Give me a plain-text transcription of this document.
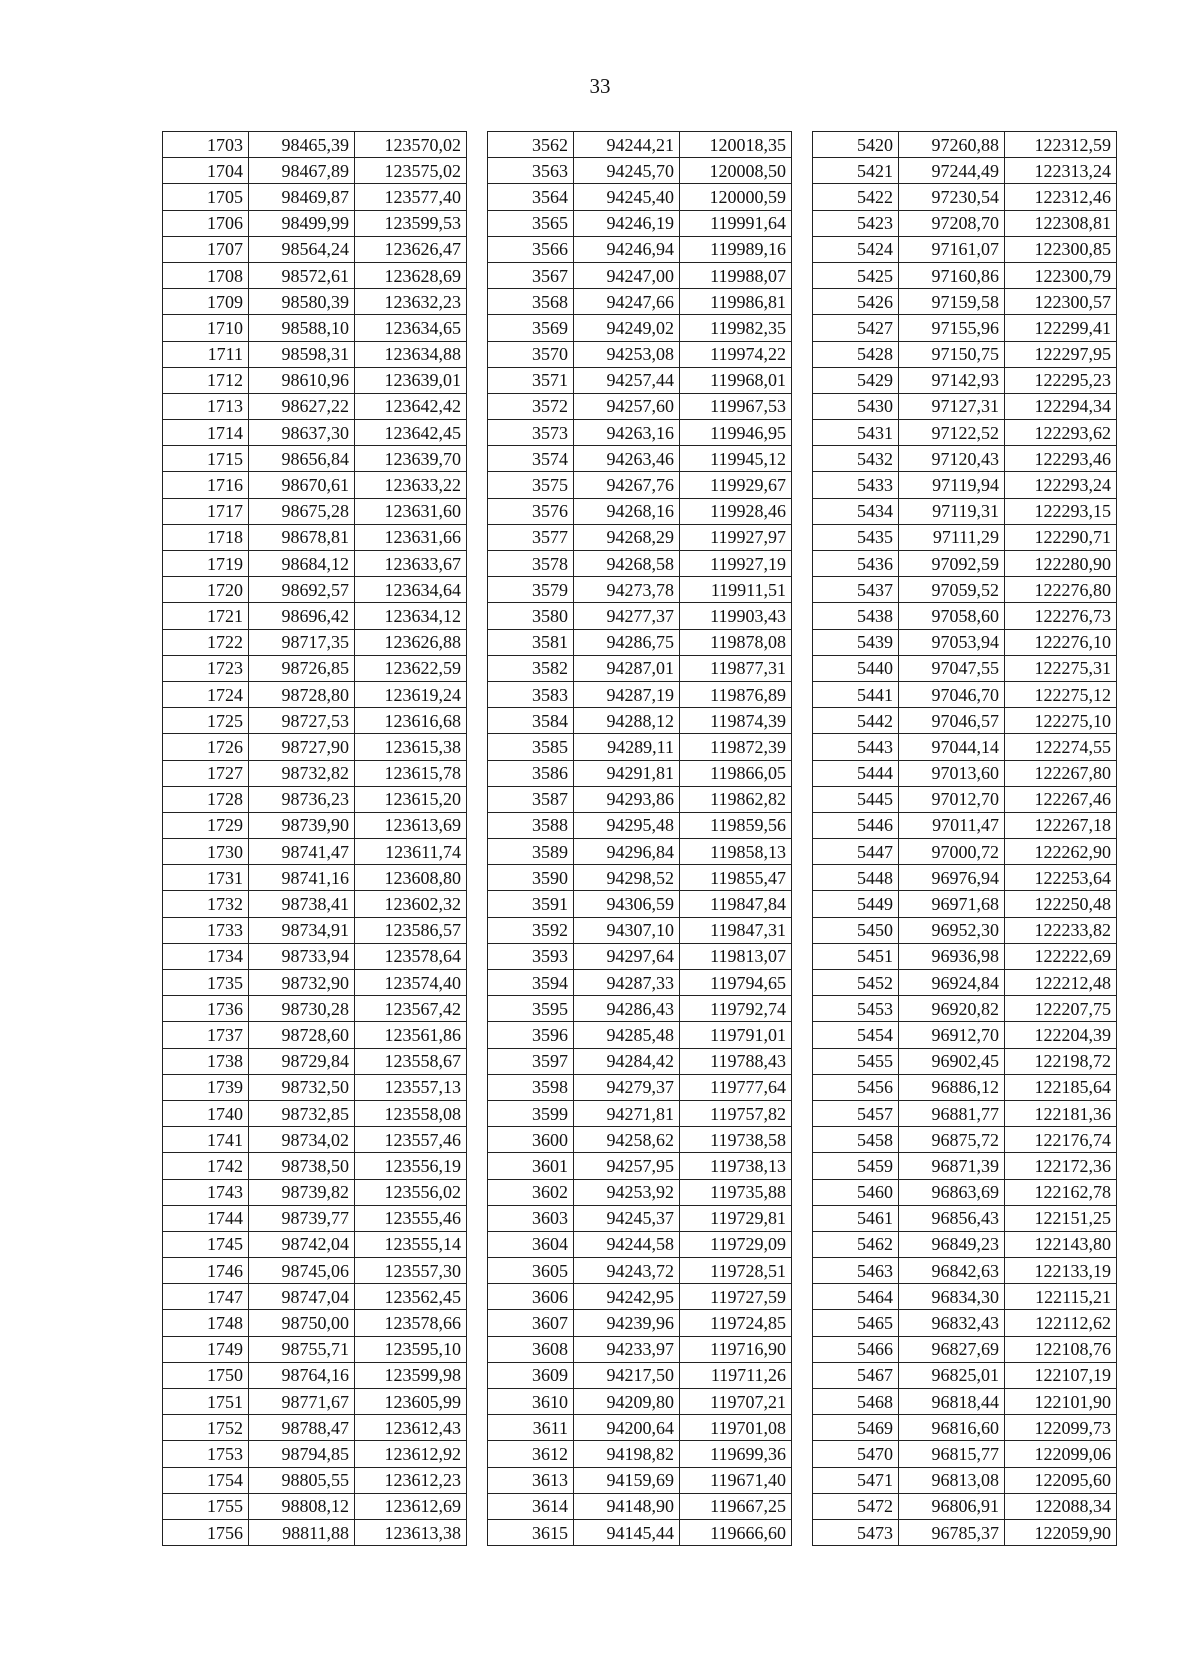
33
1703	98465,39	123570,02
1704	98467,89	123575,02
1705	98469,87	123577,40
1706	98499,99	123599,53
1707	98564,24	123626,47
1708	98572,61	123628,69
1709	98580,39	123632,23
1710	98588,10	123634,65
1711	98598,31	123634,88
1712	98610,96	123639,01
1713	98627,22	123642,42
1714	98637,30	123642,45
1715	98656,84	123639,70
1716	98670,61	123633,22
1717	98675,28	123631,60
1718	98678,81	123631,66
1719	98684,12	123633,67
1720	98692,57	123634,64
1721	98696,42	123634,12
1722	98717,35	123626,88
1723	98726,85	123622,59
1724	98728,80	123619,24
1725	98727,53	123616,68
1726	98727,90	123615,38
1727	98732,82	123615,78
1728	98736,23	123615,20
1729	98739,90	123613,69
1730	98741,47	123611,74
1731	98741,16	123608,80
1732	98738,41	123602,32
1733	98734,91	123586,57
1734	98733,94	123578,64
1735	98732,90	123574,40
1736	98730,28	123567,42
1737	98728,60	123561,86
1738	98729,84	123558,67
1739	98732,50	123557,13
1740	98732,85	123558,08
1741	98734,02	123557,46
1742	98738,50	123556,19
1743	98739,82	123556,02
1744	98739,77	123555,46
1745	98742,04	123555,14
1746	98745,06	123557,30
1747	98747,04	123562,45
1748	98750,00	123578,66
1749	98755,71	123595,10
1750	98764,16	123599,98
1751	98771,67	123605,99
1752	98788,47	123612,43
1753	98794,85	123612,92
1754	98805,55	123612,23
1755	98808,12	123612,69
1756	98811,88	123613,38
3562	94244,21	120018,35
3563	94245,70	120008,50
3564	94245,40	120000,59
3565	94246,19	119991,64
3566	94246,94	119989,16
3567	94247,00	119988,07
3568	94247,66	119986,81
3569	94249,02	119982,35
3570	94253,08	119974,22
3571	94257,44	119968,01
3572	94257,60	119967,53
3573	94263,16	119946,95
3574	94263,46	119945,12
3575	94267,76	119929,67
3576	94268,16	119928,46
3577	94268,29	119927,97
3578	94268,58	119927,19
3579	94273,78	119911,51
3580	94277,37	119903,43
3581	94286,75	119878,08
3582	94287,01	119877,31
3583	94287,19	119876,89
3584	94288,12	119874,39
3585	94289,11	119872,39
3586	94291,81	119866,05
3587	94293,86	119862,82
3588	94295,48	119859,56
3589	94296,84	119858,13
3590	94298,52	119855,47
3591	94306,59	119847,84
3592	94307,10	119847,31
3593	94297,64	119813,07
3594	94287,33	119794,65
3595	94286,43	119792,74
3596	94285,48	119791,01
3597	94284,42	119788,43
3598	94279,37	119777,64
3599	94271,81	119757,82
3600	94258,62	119738,58
3601	94257,95	119738,13
3602	94253,92	119735,88
3603	94245,37	119729,81
3604	94244,58	119729,09
3605	94243,72	119728,51
3606	94242,95	119727,59
3607	94239,96	119724,85
3608	94233,97	119716,90
3609	94217,50	119711,26
3610	94209,80	119707,21
3611	94200,64	119701,08
3612	94198,82	119699,36
3613	94159,69	119671,40
3614	94148,90	119667,25
3615	94145,44	119666,60
5420	97260,88	122312,59
5421	97244,49	122313,24
5422	97230,54	122312,46
5423	97208,70	122308,81
5424	97161,07	122300,85
5425	97160,86	122300,79
5426	97159,58	122300,57
5427	97155,96	122299,41
5428	97150,75	122297,95
5429	97142,93	122295,23
5430	97127,31	122294,34
5431	97122,52	122293,62
5432	97120,43	122293,46
5433	97119,94	122293,24
5434	97119,31	122293,15
5435	97111,29	122290,71
5436	97092,59	122280,90
5437	97059,52	122276,80
5438	97058,60	122276,73
5439	97053,94	122276,10
5440	97047,55	122275,31
5441	97046,70	122275,12
5442	97046,57	122275,10
5443	97044,14	122274,55
5444	97013,60	122267,80
5445	97012,70	122267,46
5446	97011,47	122267,18
5447	97000,72	122262,90
5448	96976,94	122253,64
5449	96971,68	122250,48
5450	96952,30	122233,82
5451	96936,98	122222,69
5452	96924,84	122212,48
5453	96920,82	122207,75
5454	96912,70	122204,39
5455	96902,45	122198,72
5456	96886,12	122185,64
5457	96881,77	122181,36
5458	96875,72	122176,74
5459	96871,39	122172,36
5460	96863,69	122162,78
5461	96856,43	122151,25
5462	96849,23	122143,80
5463	96842,63	122133,19
5464	96834,30	122115,21
5465	96832,43	122112,62
5466	96827,69	122108,76
5467	96825,01	122107,19
5468	96818,44	122101,90
5469	96816,60	122099,73
5470	96815,77	122099,06
5471	96813,08	122095,60
5472	96806,91	122088,34
5473	96785,37	122059,90
